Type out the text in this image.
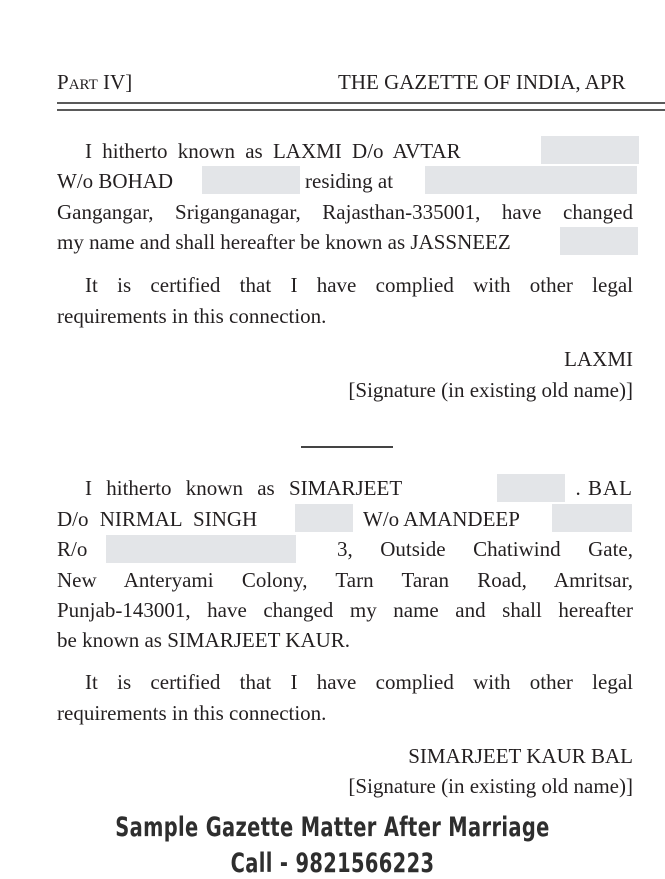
PART IV]	THE GAZETTE OF INDIA, APR
I hitherto known as LAXMI D/o AVTAR
W/o BOHAD	residing at
Gangangar, Sriganganagar, Rajasthan-335001, have changed
my name and shall hereafter be known as JASSNEEZ
It is certified that I have complied with other legal
requirements in this connection.
LAXMI
[Signature (in existing old name)]
I hitherto known as SIMARJEET	. BAL
D/o NIRMAL SINGH	W/o AMANDEEP
R/o	3, Outside Chatiwind Gate,
New Anteryami Colony, Tarn Taran Road, Amritsar,
Punjab-143001, have changed my name and shall hereafter
be known as SIMARJEET KAUR.
It is certified that I have complied with other legal
requirements in this connection.
SIMARJEET KAUR BAL
[Signature (in existing old name)]
Sample Gazette Matter After Marriage
Call - 9821566223
